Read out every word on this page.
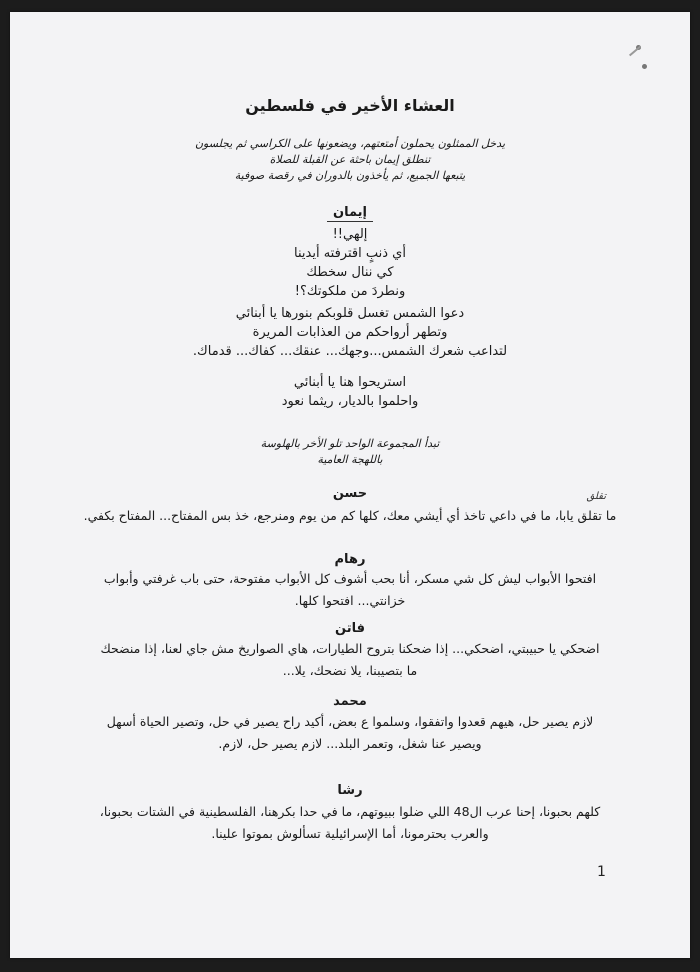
العشاء الأخير في فلسطين
يدخل الممثلون يحملون أمتعتهم، ويضعونها على الكراسي ثم يجلسون
تنطلق إيمان باحثة عن القبلة للصلاة
يتبعها الجميع، ثم يأخذون بالدوران في رقصة صوفية
إيمان
إلهي!!
أي ذنبٍ اقترفته أيدينا
كي ننال سخطك
ونطردَ من ملكوتك؟!
دعوا الشمس تغسل قلوبكم بنورها يا أبنائي
وتطهر أرواحكم من العذابات المريرة
لتداعب شعرك الشمس...وجهك... عنقك... كفاك... قدماك.
استريحوا هنا يا أبنائي
واحلموا بالديار، ريثما نعود
تبدأ المجموعة الواحد تلو الأخر بالهلوسة
باللهجة العامية
حسن
ما تقلق يابا، ما في داعي تاخذ أي أيشي معك، كلها كم من يوم ومنرجع، خذ بس المفتاح... المفتاح بكفي.
رهام
افتحوا الأبواب ليش كل شي مسكر، أنا بحب أشوف كل الأبواب مفتوحة، حتى باب غرفتي وأبواب
خزانتي... افتحوا كلها.
فاتن
اضحكي يا حبيبتي، اضحكي... إذا ضحكنا بتروح الطيارات، هاي الصواريخ مش جاي لعنا، إذا منضحك
ما بتصيبنا، يلا نضحك، يلا...
محمد
لازم يصير حل، هيهم قعدوا واتفقوا، وسلموا ع بعض، أكيد راح يصير في حل، وتصير الحياة أسهل
ويصير عنا شغل، وتعمر البلد... لازم يصير حل، لازم.
رشا
كلهم بحبونا، إحنا عرب ال48 اللي ضلوا ببيوتهم، ما في حدا بكرهنا، الفلسطينية في الشتات بحبونا،
والعرب بحترمونا، أما الإسرائيلية تسألوش بموتوا علينا.
تقلق
1
